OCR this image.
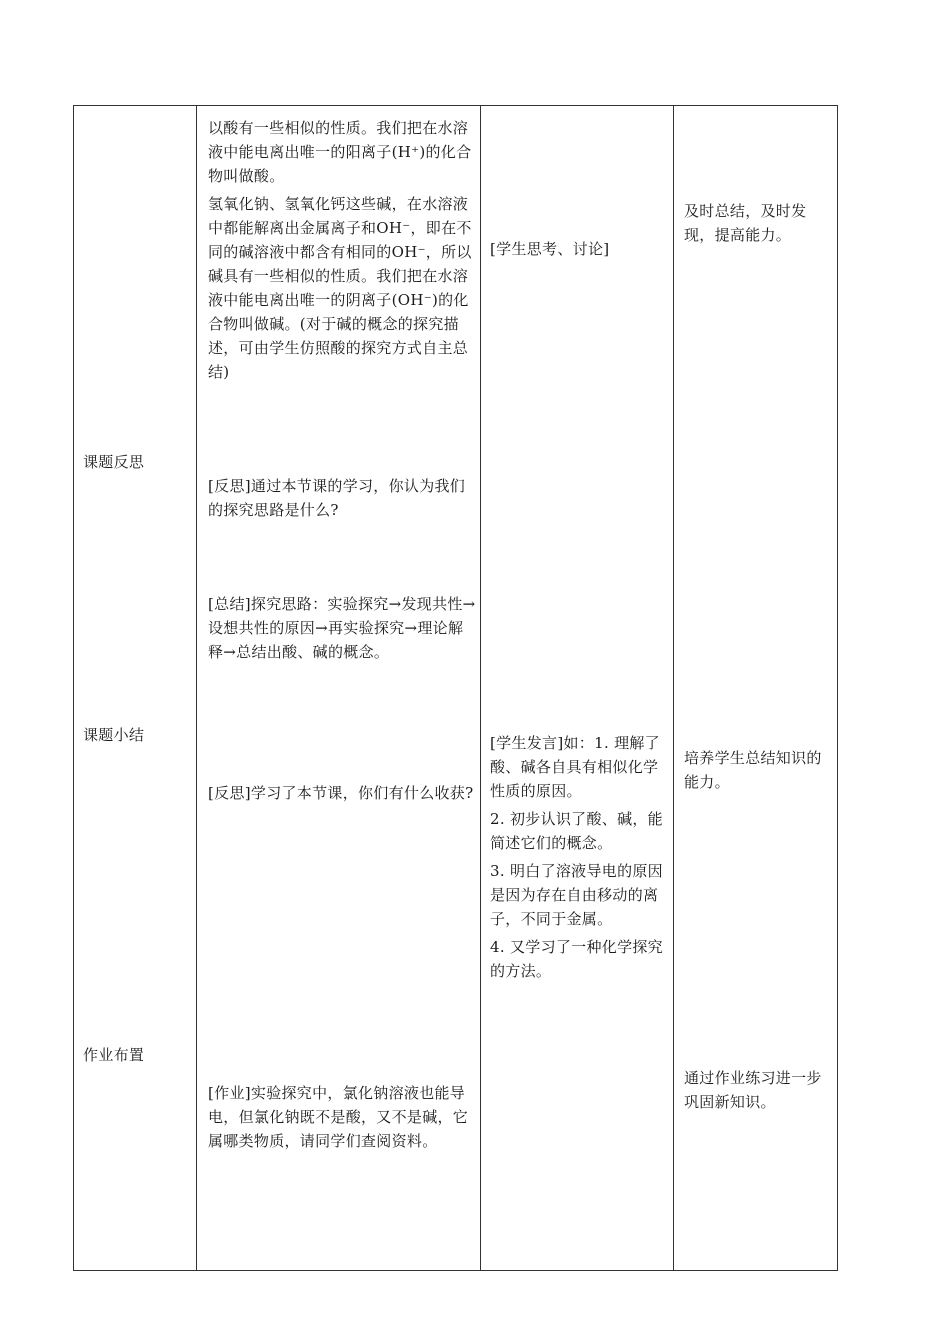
课题反思
课题小结
作业布置
以酸有一些相似的性质。我们把在水溶液中能电离出唯一的阳离子(H⁺)的化合物叫做酸。
氢氧化钠、氢氧化钙这些碱，在水溶液中都能解离出金属离子和OH⁻，即在不同的碱溶液中都含有相同的OH⁻，所以碱具有一些相似的性质。我们把在水溶液中能电离出唯一的阴离子(OH⁻)的化合物叫做碱。(对于碱的概念的探究描述，可由学生仿照酸的探究方式自主总结)
[反思]通过本节课的学习，你认为我们的探究思路是什么?
[总结]探究思路：实验探究→发现共性→设想共性的原因→再实验探究→理论解释→总结出酸、碱的概念。
[反思]学习了本节课，你们有什么收获?
[作业]实验探究中，氯化钠溶液也能导电，但氯化钠既不是酸，又不是碱，它属哪类物质，请同学们查阅资料。
[学生思考、讨论]
[学生发言]如：1. 理解了酸、碱各自具有相似化学性质的原因。
2. 初步认识了酸、碱，能简述它们的概念。
3. 明白了溶液导电的原因是因为存在自由移动的离子，不同于金属。
4. 又学习了一种化学探究的方法。
及时总结，及时发现，提高能力。
培养学生总结知识的能力。
通过作业练习进一步巩固新知识。
